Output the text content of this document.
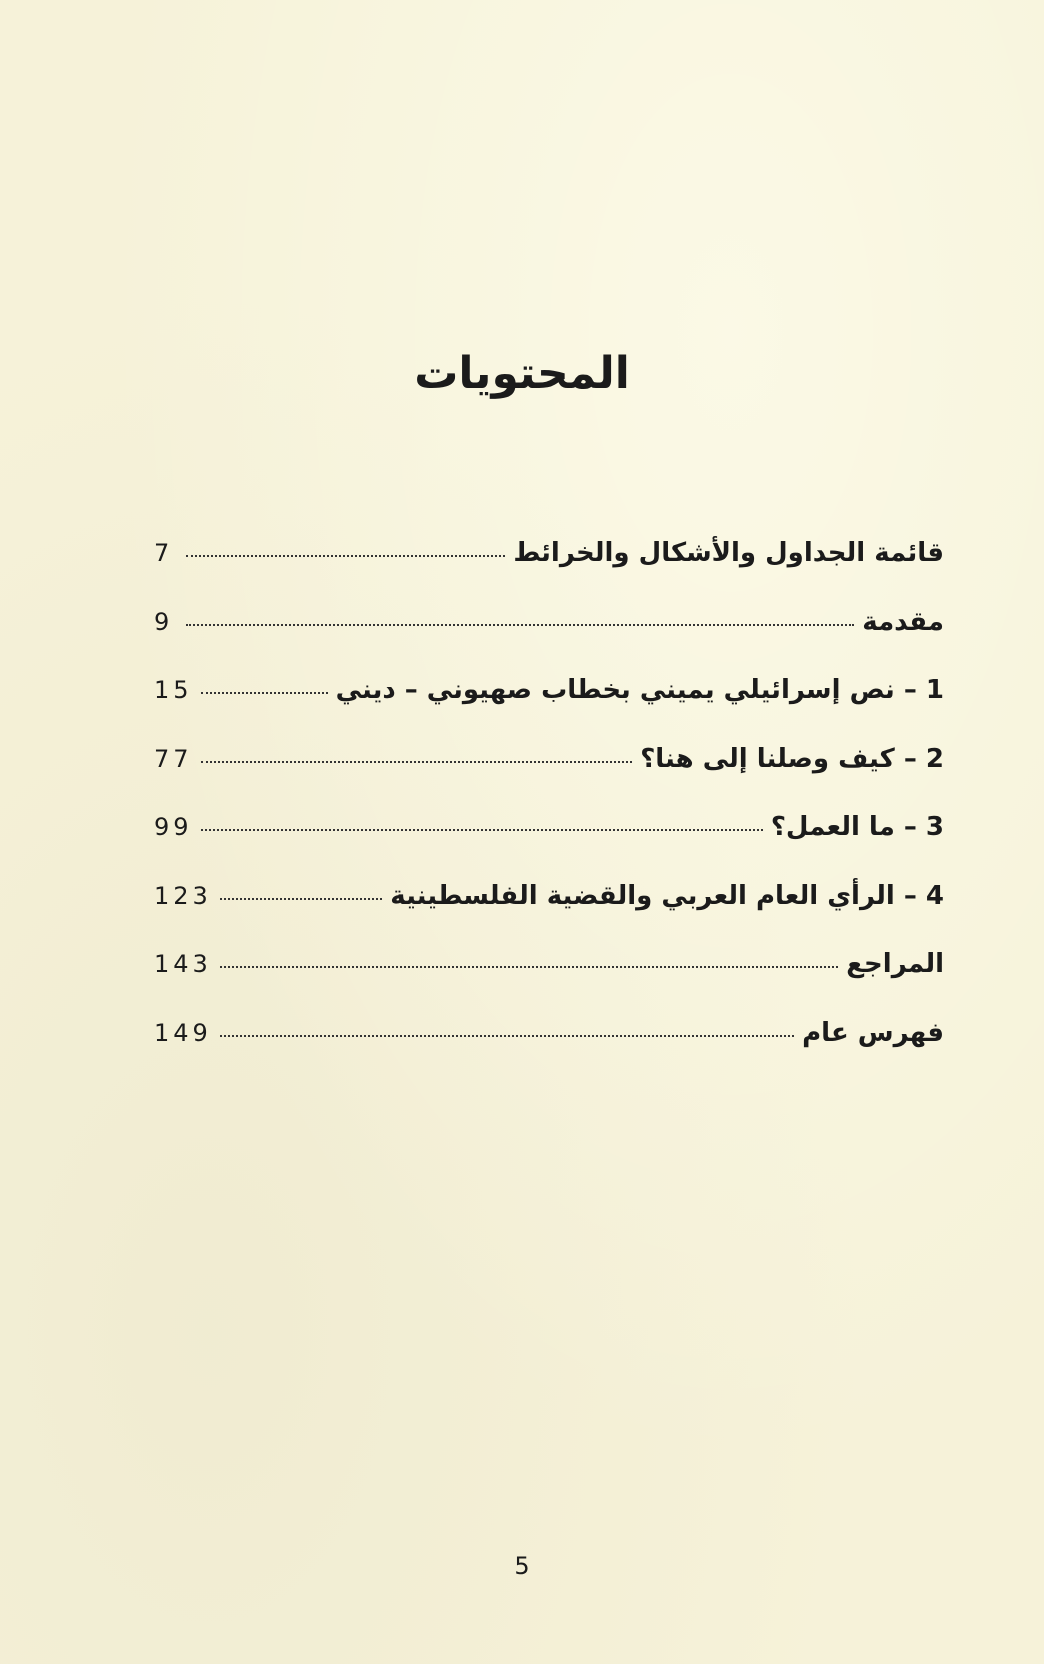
المحتويات
قائمة الجداول والأشكال والخرائط
7
مقدمة
9
1 – نص إسرائيلي يميني بخطاب صهيوني – ديني
15
2 – كيف وصلنا إلى هنا؟
77
3 – ما العمل؟
99
4 – الرأي العام العربي والقضية الفلسطينية
123
المراجع
143
فهرس عام
149
5
